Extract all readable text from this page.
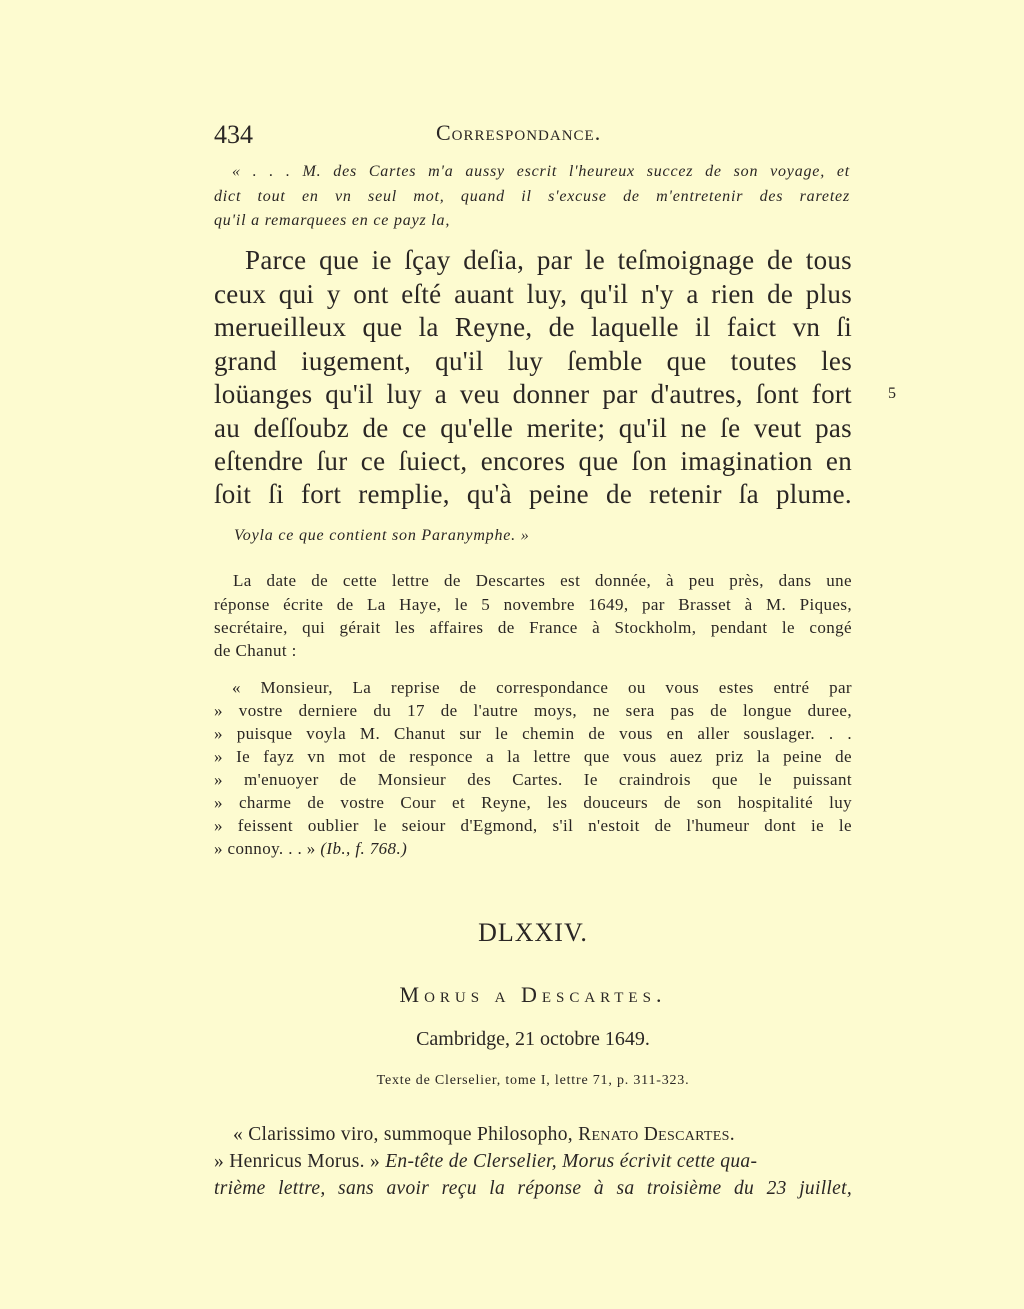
434	Correspondance.
« . . . M. des Cartes m'a aussy escrit l'heureux succez de son voyage, et
dict tout en vn seul mot, quand il s'excuse de m'entretenir des raretez
qu'il a remarquees en ce payz la,
Parce que ie ſçay deſia, par le teſmoignage de tous
ceux qui y ont eſté auant luy, qu'il n'y a rien de plus
merueilleux que la Reyne, de laquelle il faict vn ſi
grand iugement, qu'il luy ſemble que toutes les
loüanges qu'il luy a veu donner par d'autres, ſont fort
au deſſoubz de ce qu'elle merite; qu'il ne ſe veut pas
eſtendre ſur ce ſuiect, encores que ſon imagination en
ſoit ſi fort remplie, qu'à peine de retenir ſa plume.
5
Voyla ce que contient son Paranymphe. »
La date de cette lettre de Descartes est donnée, à peu près, dans une
réponse écrite de La Haye, le 5 novembre 1649, par Brasset à M. Piques,
secrétaire, qui gérait les affaires de France à Stockholm, pendant le congé
de Chanut :
« Monsieur, La reprise de correspondance ou vous estes entré par
» vostre derniere du 17 de l'autre moys, ne sera pas de longue duree,
» puisque voyla M. Chanut sur le chemin de vous en aller souslager. . .
» Ie fayz vn mot de responce a la lettre que vous auez priz la peine de
» m'enuoyer de Monsieur des Cartes. Ie craindrois que le puissant
» charme de vostre Cour et Reyne, les douceurs de son hospitalité luy
» feissent oublier le seiour d'Egmond, s'il n'estoit de l'humeur dont ie le
» connoy. . . » (Ib., f. 768.)
DLXXIV.
Morus a Descartes.
Cambridge, 21 octobre 1649.
Texte de Clerselier, tome I, lettre 71, p. 311-323.
« Clarissimo viro, summoque Philosopho, Renato Descartes.
» Henricus Morus. » En-tête de Clerselier, Morus écrivit cette qua-
trième lettre, sans avoir reçu la réponse à sa troisième du 23 juillet,
